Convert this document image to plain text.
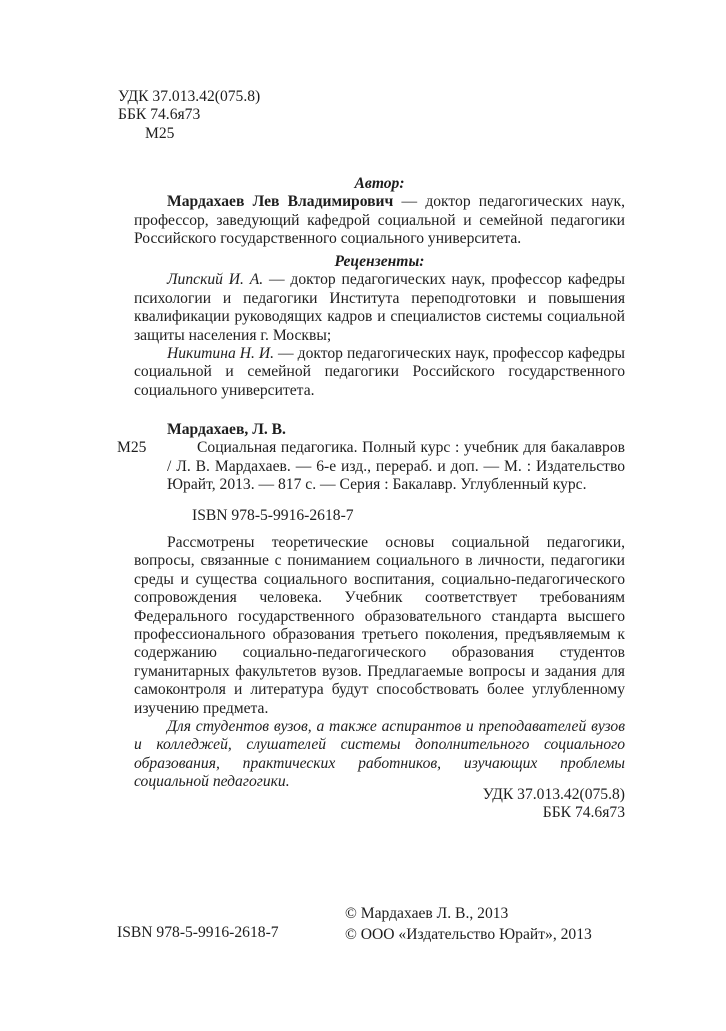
УДК 37.013.42(075.8)
ББК 74.6я73
М25

Автор:

Мардахаев Лев Владимирович — доктор педагогических наук, профессор, заведующий кафедрой социальной и семейной педагогики Российского государственного социального университета.

Рецензенты:

Липский И. А. — доктор педагогических наук, профессор кафедры психологии и педагогики Института переподготовки и повышения квалификации руководящих кадров и специалистов системы социальной защиты населения г. Москвы;

Никитина Н. И. — доктор педагогических наук, профессор кафедры социальной и семейной педагогики Российского государственного социального университета.

Мардахаев, Л. В.
М25	Социальная педагогика. Полный курс : учебник для бакалавров / Л. В. Мардахаев. — 6-е изд., перераб. и доп. — М. : Издательство Юрайт, 2013. — 817 с. — Серия : Бакалавр. Углубленный курс.

ISBN 978-5-9916-2618-7

Рассмотрены теоретические основы социальной педагогики, вопросы, связанные с пониманием социального в личности, педагогики среды и существа социального воспитания, социально-педагогического сопровождения человека. Учебник соответствует требованиям Федерального государственного образовательного стандарта высшего профессионального образования третьего поколения, предъявляемым к содержанию социально-педагогического образования студентов гуманитарных факультетов вузов. Предлагаемые вопросы и задания для самоконтроля и литература будут способствовать более углубленному изучению предмета.

Для студентов вузов, а также аспирантов и преподавателей вузов и колледжей, слушателей системы дополнительного социального образования, практических работников, изучающих проблемы социальной педагогики.

УДК 37.013.42(075.8)
ББК 74.6я73
ISBN 978-5-9916-2618-7
© Мардахаев Л. В., 2013
© ООО «Издательство Юрайт», 2013
